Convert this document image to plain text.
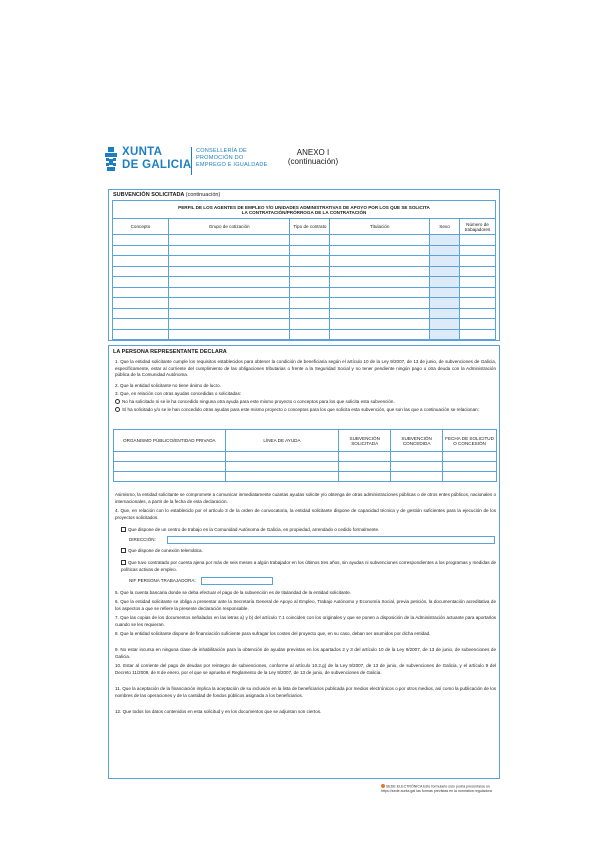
XUNTA
DE GALICIA
CONSELLERÍA DE
PROMOCIÓN DO
EMPREGO E IGUALDADE
ANEXO I
(continuación)
SUBVENCIÓN SOLICITADA (continuación)
PERFIL DE LOS AGENTES DE EMPLEO Y/O UNIDADES ADMINISTRATIVAS DE APOYO POR LOS QUE SE SOLICITA
LA CONTRATACIÓN/PRÓRROGA DE LA CONTRATACIÓN					

Concepto	Grupo de cotización	Tipo de contrato	Titulación	Sexo	Número de trabajadores

LA PERSONA REPRESENTANTE DECLARA
1. Que la entidad solicitante cumple los requisitos establecidos para obtener la condición de beneficiaria según el artículo 10 de la Ley 9/2007, de 13 de junio, de subvenciones de Galicia, específicamente, estar al corriente del cumplimiento de las obligaciones tributarias o frente a la Seguridad Social y no tener pendiente ningún pago u otra deuda con la Administración pública de la Comunidad Autónoma.
2. Que la entidad solicitante no tiene ánimo de lucro.
3. Que, en relación con otras ayudas concedidas o solicitadas:
No ha solicitado ni se le ha concedido ninguna otra ayuda para este mismo proyecto o conceptos para los que solicita esta subvención.
Sí ha solicitado y/o se le han concedido otras ayudas para este mismo proyecto o conceptos para los que solicita esta subvención, que son las que a continuación se relacionan:
ORGANISMO PÚBLICO/ENTIDAD PRIVADA	LÍNEA DE AYUDA	SUBVENCIÓN SOLICITADA	SUBVENCIÓN CONCEDIDA	FECHA DE SOLICITUD O CONCESIÓN

Asimismo, la entidad solicitante se compromete a comunicar inmediatamente cuantas ayudas solicite y/o obtenga de otras administraciones públicas o de otros entes públicos, nacionales o internacionales, a partir de la fecha de esta declaración.
4. Que, en relación con lo establecido por el artículo 3 de la orden de convocatoria, la entidad solicitante dispone de capacidad técnica y de gestión suficientes para la ejecución de los proyectos solicitados.
Que dispone de un centro de trabajo en la Comunidad Autónoma de Galicia, en propiedad, arrendado o cedido formalmente.
DIRECCIÓN:
Que dispone de conexión telemática.
Que tuvo contratado por cuenta ajena por más de seis meses a algún trabajador en los últimos tres años, sin ayudas ni subvenciones correspondientes a los programas y medidas de políticas activas de empleo.
NIF PERSONA TRABAJADORA:
5. Que la cuenta bancaria donde se deba efectuar el pago de la subvención es de titularidad de la entidad solicitante.
6. Que la entidad solicitante se obliga a presentar ante la Secretaría General de Apoyo al Empleo, Trabajo Autónomo y Economía Social, previa petición, la documentación acreditativa de los aspectos a que se refiere la presente declaración responsable.
7. Que las copias de los documentos señalados en las letras a) y b) del artículo 7.1 coinciden con los originales y que se ponen a disposición de la Administración actuante para aportarlos cuando se les requieran.
8. Que la entidad solicitante dispone de financiación suficiente para sufragar los costes del proyecto que, en su caso, deban ser asumidos por dicha entidad.
9. No estar incursa en ninguna clase de inhabilitación para la obtención de ayudas previstas en los apartados 2 y 3 del artículo 10 de la Ley 9/2007, de 13 de junio, de subvenciones de Galicia.
10. Estar al corriente del pago de deudas por reintegro de subvenciones, conforme al artículo 10.2.g) de la Ley 9/2007, de 13 de junio, de subvenciones de Galicia, y el artículo 9 del Decreto 11/2009, de 8 de enero, por el que se aprueba el Reglamento de la Ley 9/2007, de 13 de junio, de subvenciones de Galicia.
11. Que la aceptación de la financiación implica la aceptación de su inclusión en la lista de beneficiarios publicada por medios electrónicos o por otros medios, así como la publicación de los nombres de las operaciones y de la cantidad de fondos públicos asignada a los beneficiarios.
12. Que todos los datos contenidos en esta solicitud y en los documentos que se adjuntan son ciertos.
SEDE ELECTRÓNICA Este formulario solo podrá presentarse en
https://sede.xunta.gal las formas previstas en la normativa reguladora
